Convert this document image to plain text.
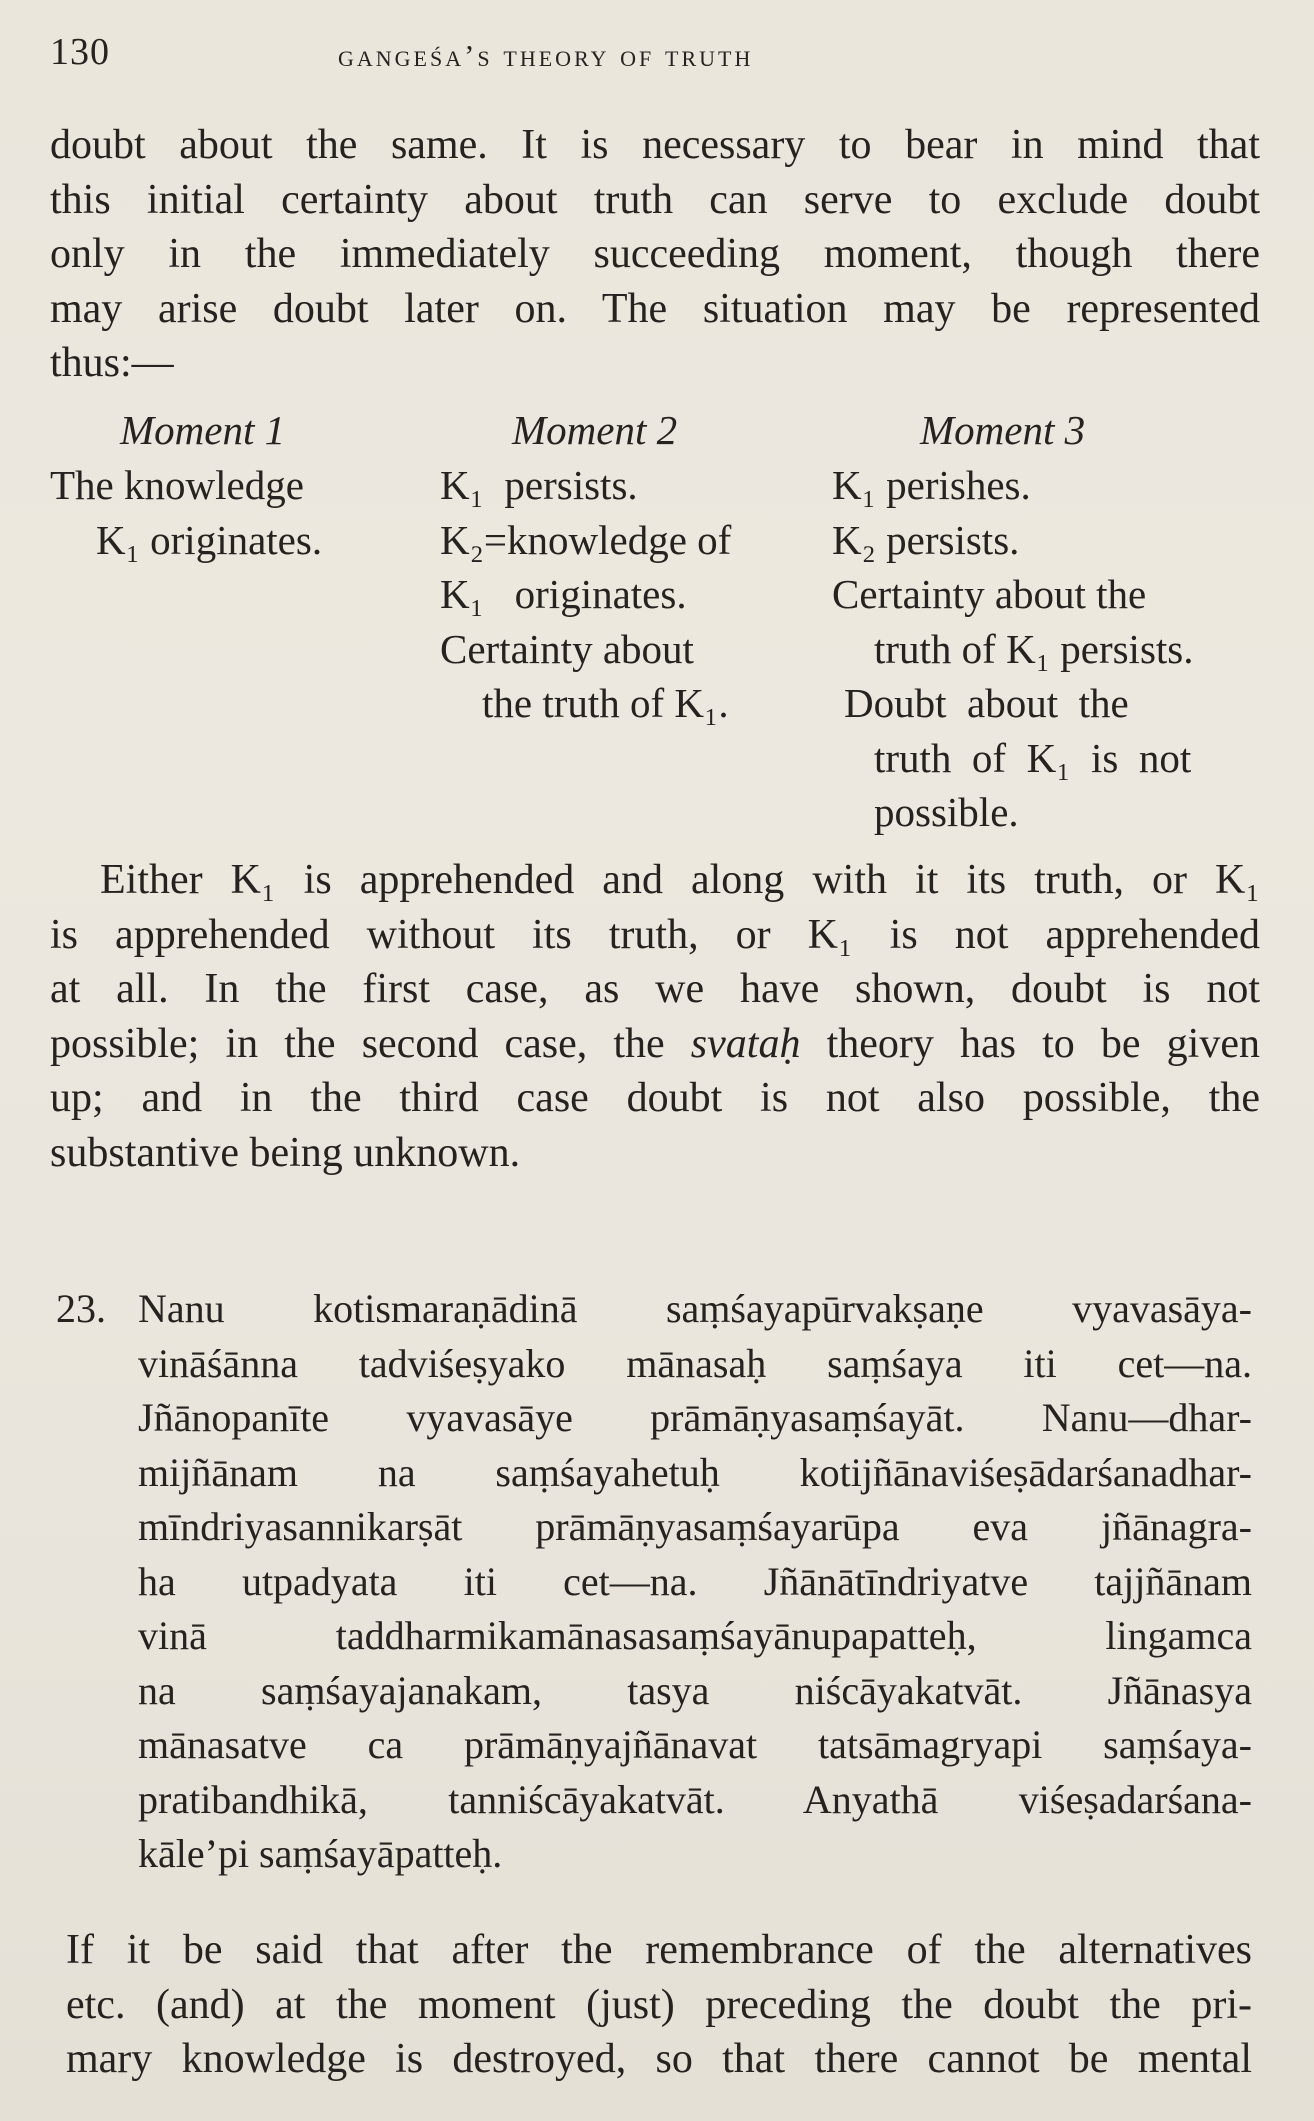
130	gangeśa’s theory of truth
doubt about the same. It is necessary to bear in mind that
this initial certainty about truth can serve to exclude doubt
only in the immediately succeeding moment, though there
may arise doubt later on. The situation may be represented
thus:—
Moment 1
The knowledge
K₁ originates.
Moment 2
K₁  persists.
K₂=knowledge of
K₁   originates.
Certainty about
the truth of K₁.
Moment 3
K₁ perishes.
K₂ persists.
Certainty about the
truth of K₁ persists.
Doubt  about  the
truth  of  K₁  is  not
possible.
Either K₁ is apprehended and along with it its truth, or K₁
is apprehended without its truth, or K₁ is not apprehended
at all. In the first case, as we have shown, doubt is not
possible; in the second case, the svataḥ theory has to be given
up; and in the third case doubt is not also possible, the
substantive being unknown.
23. Nanu kotismaraṇādinā saṃśayapūrvakṣaṇe vyavasāya-
vināśānna tadviśeṣyako mānasaḥ saṃśaya iti cet—na.
Jñānopanīte vyavasāye prāmāṇyasaṃśayāt. Nanu—dhar-
mijñānam na saṃśayahetuḥ kotijñānaviśeṣādarśanadhar-
mīndriyasannikarṣāt prāmāṇyasaṃśayarūpa eva jñānagra-
ha utpadyata iti cet—na. Jñānātīndriyatve tajjñānam
vinā taddharmikamānasasaṃśayānupapatteḥ, lingamca
na saṃśayajanakam, tasya niścāyakatvāt. Jñānasya
mānasatve ca prāmāṇyajñānavat tatsāmagryapi saṃśaya-
pratibandhikā, tanniścāyakatvāt. Anyathā viśeṣadarśana-
kāle’pi saṃśayāpatteḥ.
If it be said that after the remembrance of the alternatives
etc. (and) at the moment (just) preceding the doubt the pri-
mary knowledge is destroyed, so that there cannot be mental
